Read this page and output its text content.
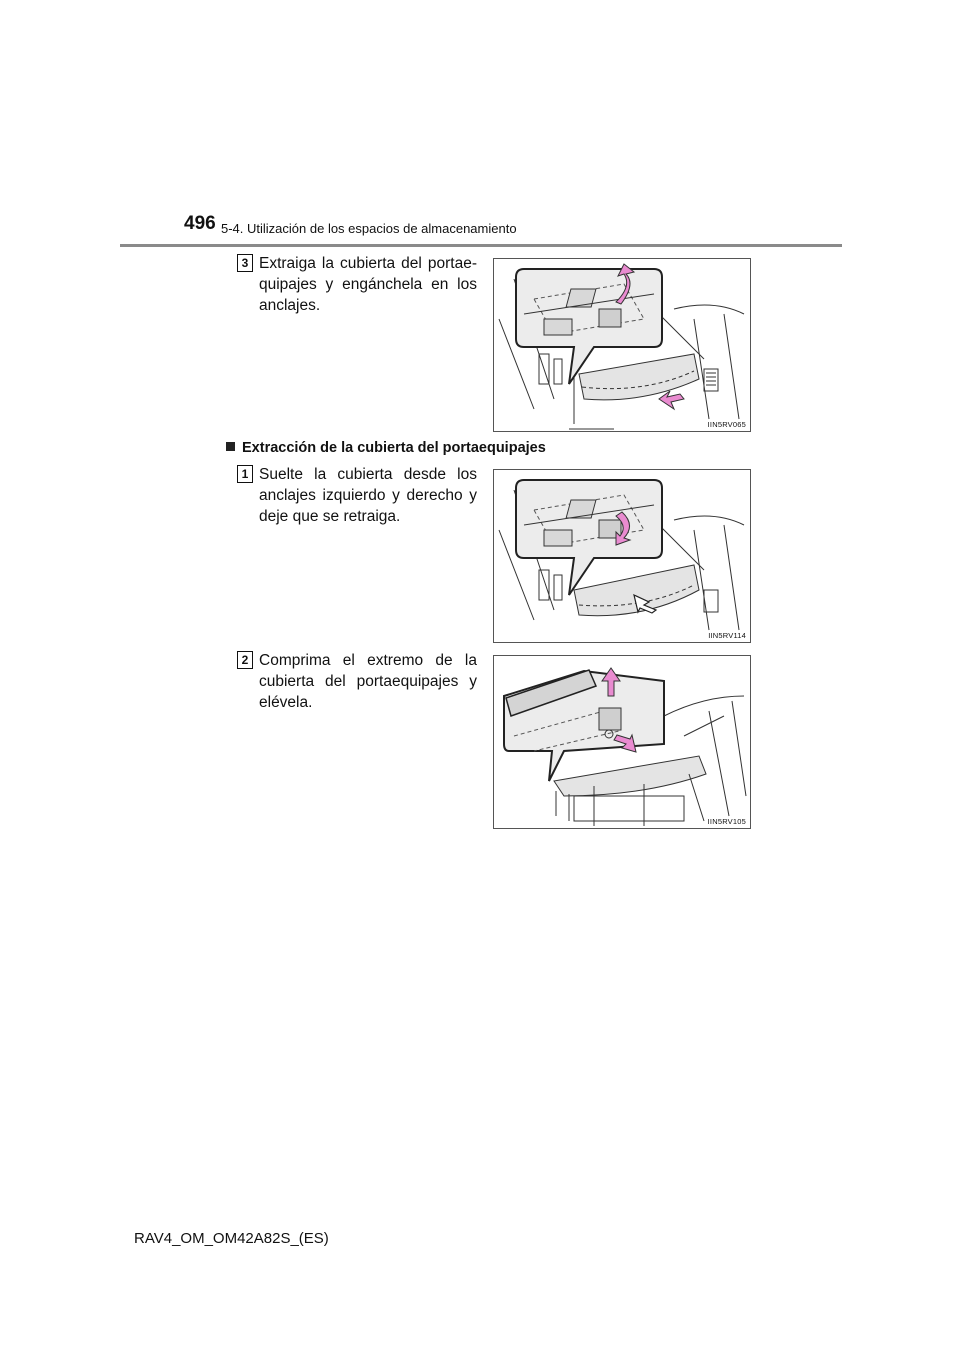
496 5-4. Utilización de los espacios de almacenamiento
3 Extraiga la cubierta del portae-quipajes y engánchela en los anclajes.

IIN5RV065
Extracción de la cubierta del portaequipajes
1 Suelte la cubierta desde los anclajes izquierdo y derecho y deje que se retraiga.

IIN5RV114
2 Comprima el extremo de la cubierta del portaequipajes y elévela.

IIN5RV105
RAV4_OM_OM42A82S_(ES)
